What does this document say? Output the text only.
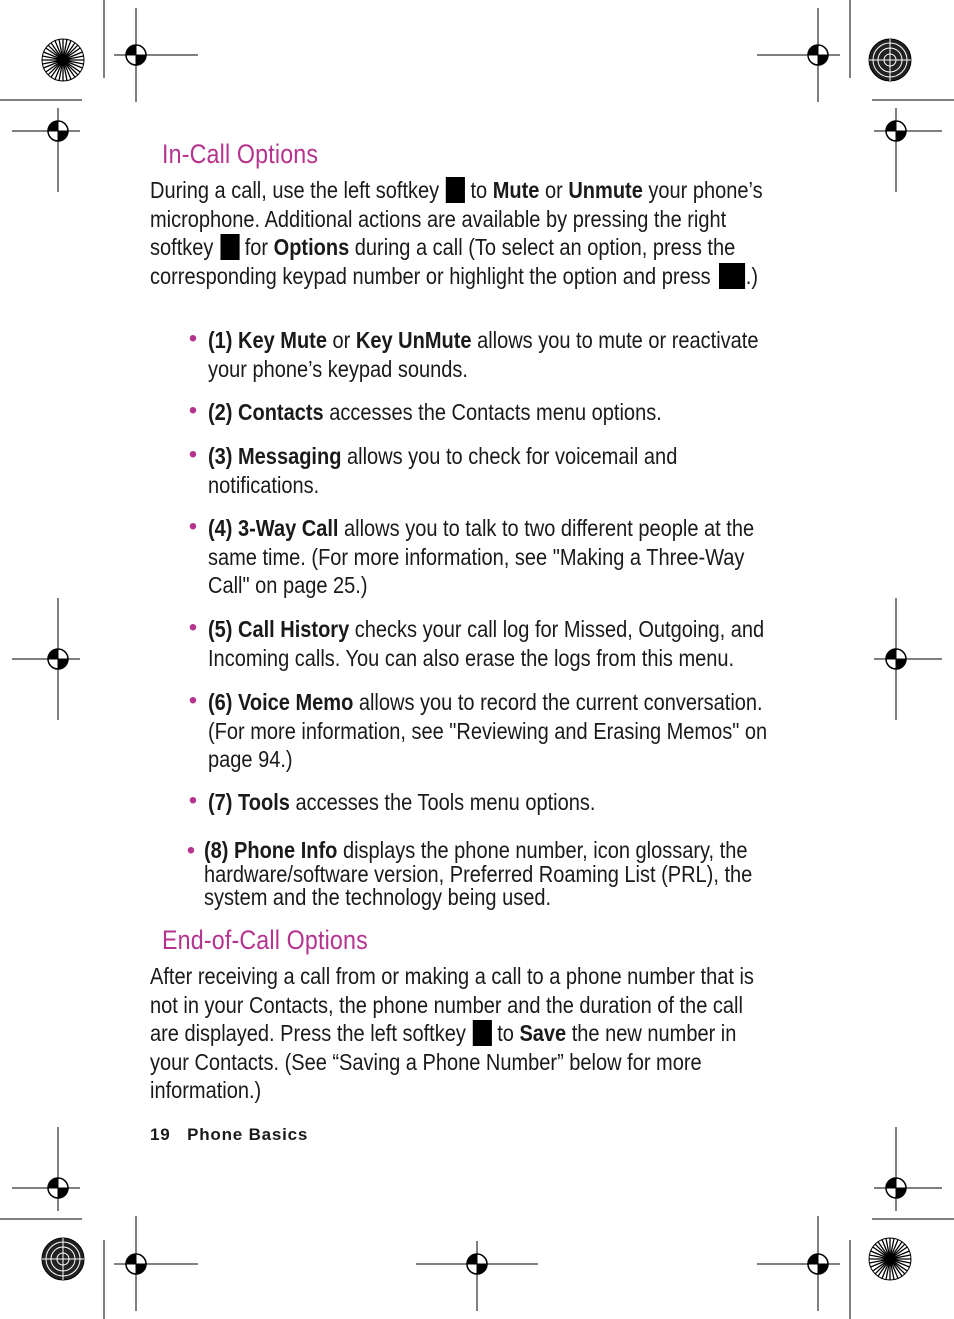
In-Call Options
During a call, use the left softkey to Mute or Unmute your phone’s microphone. Additional actions are available by pressing the right softkey for Options during a call (To select an option, press the corresponding keypad number or highlight the option and press .)
• (1) Key Mute or Key UnMute allows you to mute or reactivate your phone’s keypad sounds.
• (2) Contacts accesses the Contacts menu options.
• (3) Messaging allows you to check for voicemail and notifications.
• (4) 3-Way Call allows you to talk to two different people at the same time. (For more information, see "Making a Three-Way Call" on page 25.)
• (5) Call History checks your call log for Missed, Outgoing, and Incoming calls. You can also erase the logs from this menu.
• (6) Voice Memo allows you to record the current conversation. (For more information, see "Reviewing and Erasing Memos" on page 94.)
• (7) Tools accesses the Tools menu options.
• (8) Phone Info displays the phone number, icon glossary, the hardware/software version, Preferred Roaming List (PRL), the system and the technology being used.
End-of-Call Options
After receiving a call from or making a call to a phone number that is not in your Contacts, the phone number and the duration of the call are displayed. Press the left softkey to Save the new number in your Contacts. (See “Saving a Phone Number” below for more information.)
19 Phone Basics
